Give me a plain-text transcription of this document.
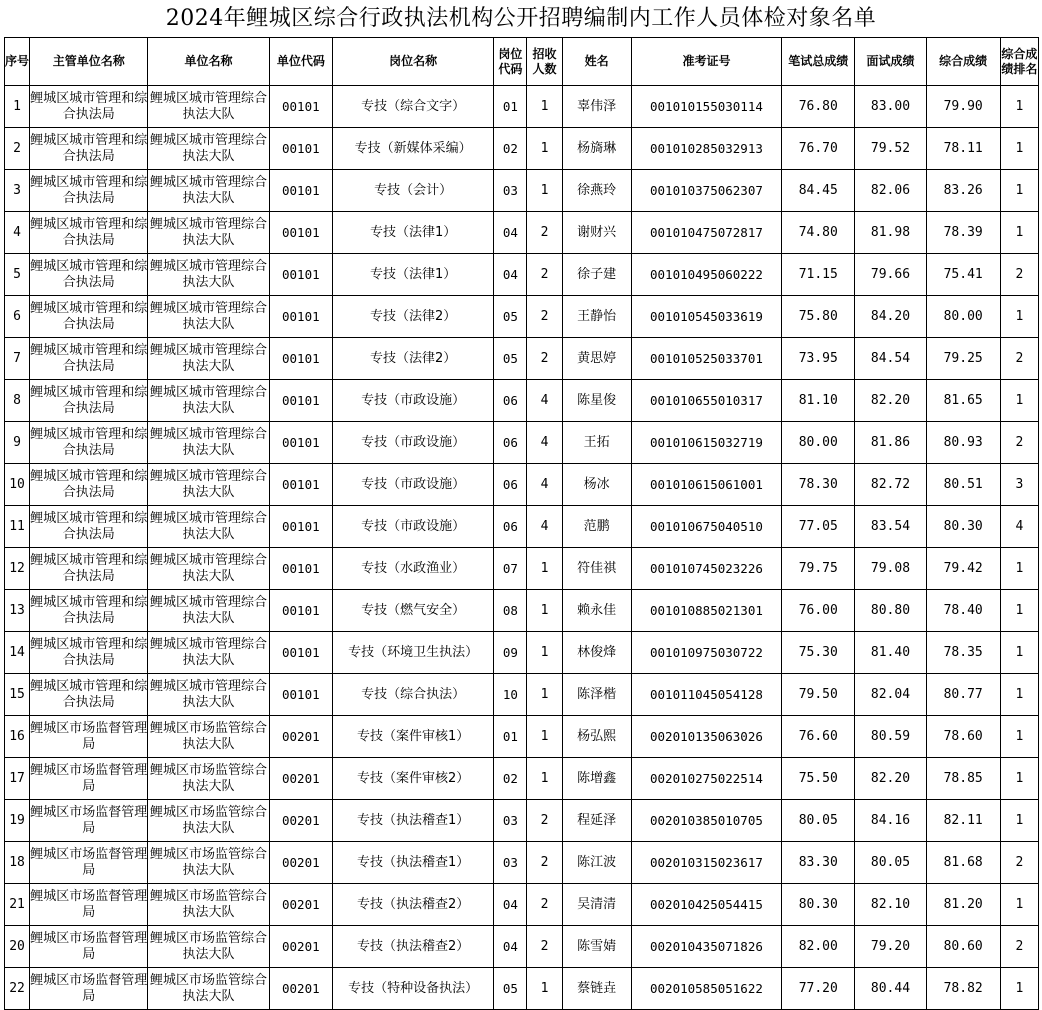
2024年鲤城区综合行政执法机构公开招聘编制内工作人员体检对象名单
序号	主管单位名称	单位名称	单位代码	岗位名称	岗位代码	招收人数	姓名	准考证号	笔试总成绩	面试成绩	综合成绩	综合成绩排名
1	鲤城区城市管理和综合执法局	鲤城区城市管理综合执法大队	00101	专技（综合文字）	01	1	辜伟泽	001010155030114	76.80	83.00	79.90	1
2	鲤城区城市管理和综合执法局	鲤城区城市管理综合执法大队	00101	专技（新媒体采编）	02	1	杨旖琳	001010285032913	76.70	79.52	78.11	1
3	鲤城区城市管理和综合执法局	鲤城区城市管理综合执法大队	00101	专技（会计）	03	1	徐燕玲	001010375062307	84.45	82.06	83.26	1
4	鲤城区城市管理和综合执法局	鲤城区城市管理综合执法大队	00101	专技（法律1）	04	2	谢财兴	001010475072817	74.80	81.98	78.39	1
5	鲤城区城市管理和综合执法局	鲤城区城市管理综合执法大队	00101	专技（法律1）	04	2	徐子建	001010495060222	71.15	79.66	75.41	2
6	鲤城区城市管理和综合执法局	鲤城区城市管理综合执法大队	00101	专技（法律2）	05	2	王静怡	001010545033619	75.80	84.20	80.00	1
7	鲤城区城市管理和综合执法局	鲤城区城市管理综合执法大队	00101	专技（法律2）	05	2	黄思婷	001010525033701	73.95	84.54	79.25	2
8	鲤城区城市管理和综合执法局	鲤城区城市管理综合执法大队	00101	专技（市政设施）	06	4	陈星俊	001010655010317	81.10	82.20	81.65	1
9	鲤城区城市管理和综合执法局	鲤城区城市管理综合执法大队	00101	专技（市政设施）	06	4	王拓	001010615032719	80.00	81.86	80.93	2
10	鲤城区城市管理和综合执法局	鲤城区城市管理综合执法大队	00101	专技（市政设施）	06	4	杨冰	001010615061001	78.30	82.72	80.51	3
11	鲤城区城市管理和综合执法局	鲤城区城市管理综合执法大队	00101	专技（市政设施）	06	4	范鹏	001010675040510	77.05	83.54	80.30	4
12	鲤城区城市管理和综合执法局	鲤城区城市管理综合执法大队	00101	专技（水政渔业）	07	1	符佳祺	001010745023226	79.75	79.08	79.42	1
13	鲤城区城市管理和综合执法局	鲤城区城市管理综合执法大队	00101	专技（燃气安全）	08	1	赖永佳	001010885021301	76.00	80.80	78.40	1
14	鲤城区城市管理和综合执法局	鲤城区城市管理综合执法大队	00101	专技（环境卫生执法）	09	1	林俊烽	001010975030722	75.30	81.40	78.35	1
15	鲤城区城市管理和综合执法局	鲤城区城市管理综合执法大队	00101	专技（综合执法）	10	1	陈泽楷	001011045054128	79.50	82.04	80.77	1
16	鲤城区市场监督管理局	鲤城区市场监管综合执法大队	00201	专技（案件审核1）	01	1	杨弘熙	002010135063026	76.60	80.59	78.60	1
17	鲤城区市场监督管理局	鲤城区市场监管综合执法大队	00201	专技（案件审核2）	02	1	陈增鑫	002010275022514	75.50	82.20	78.85	1
19	鲤城区市场监督管理局	鲤城区市场监管综合执法大队	00201	专技（执法稽查1）	03	2	程延泽	002010385010705	80.05	84.16	82.11	1
18	鲤城区市场监督管理局	鲤城区市场监管综合执法大队	00201	专技（执法稽查1）	03	2	陈江波	002010315023617	83.30	80.05	81.68	2
21	鲤城区市场监督管理局	鲤城区市场监管综合执法大队	00201	专技（执法稽查2）	04	2	吴清清	002010425054415	80.30	82.10	81.20	1
20	鲤城区市场监督管理局	鲤城区市场监管综合执法大队	00201	专技（执法稽查2）	04	2	陈雪婧	002010435071826	82.00	79.20	80.60	2
22	鲤城区市场监督管理局	鲤城区市场监管综合执法大队	00201	专技（特种设备执法）	05	1	蔡链垚	002010585051622	77.20	80.44	78.82	1
